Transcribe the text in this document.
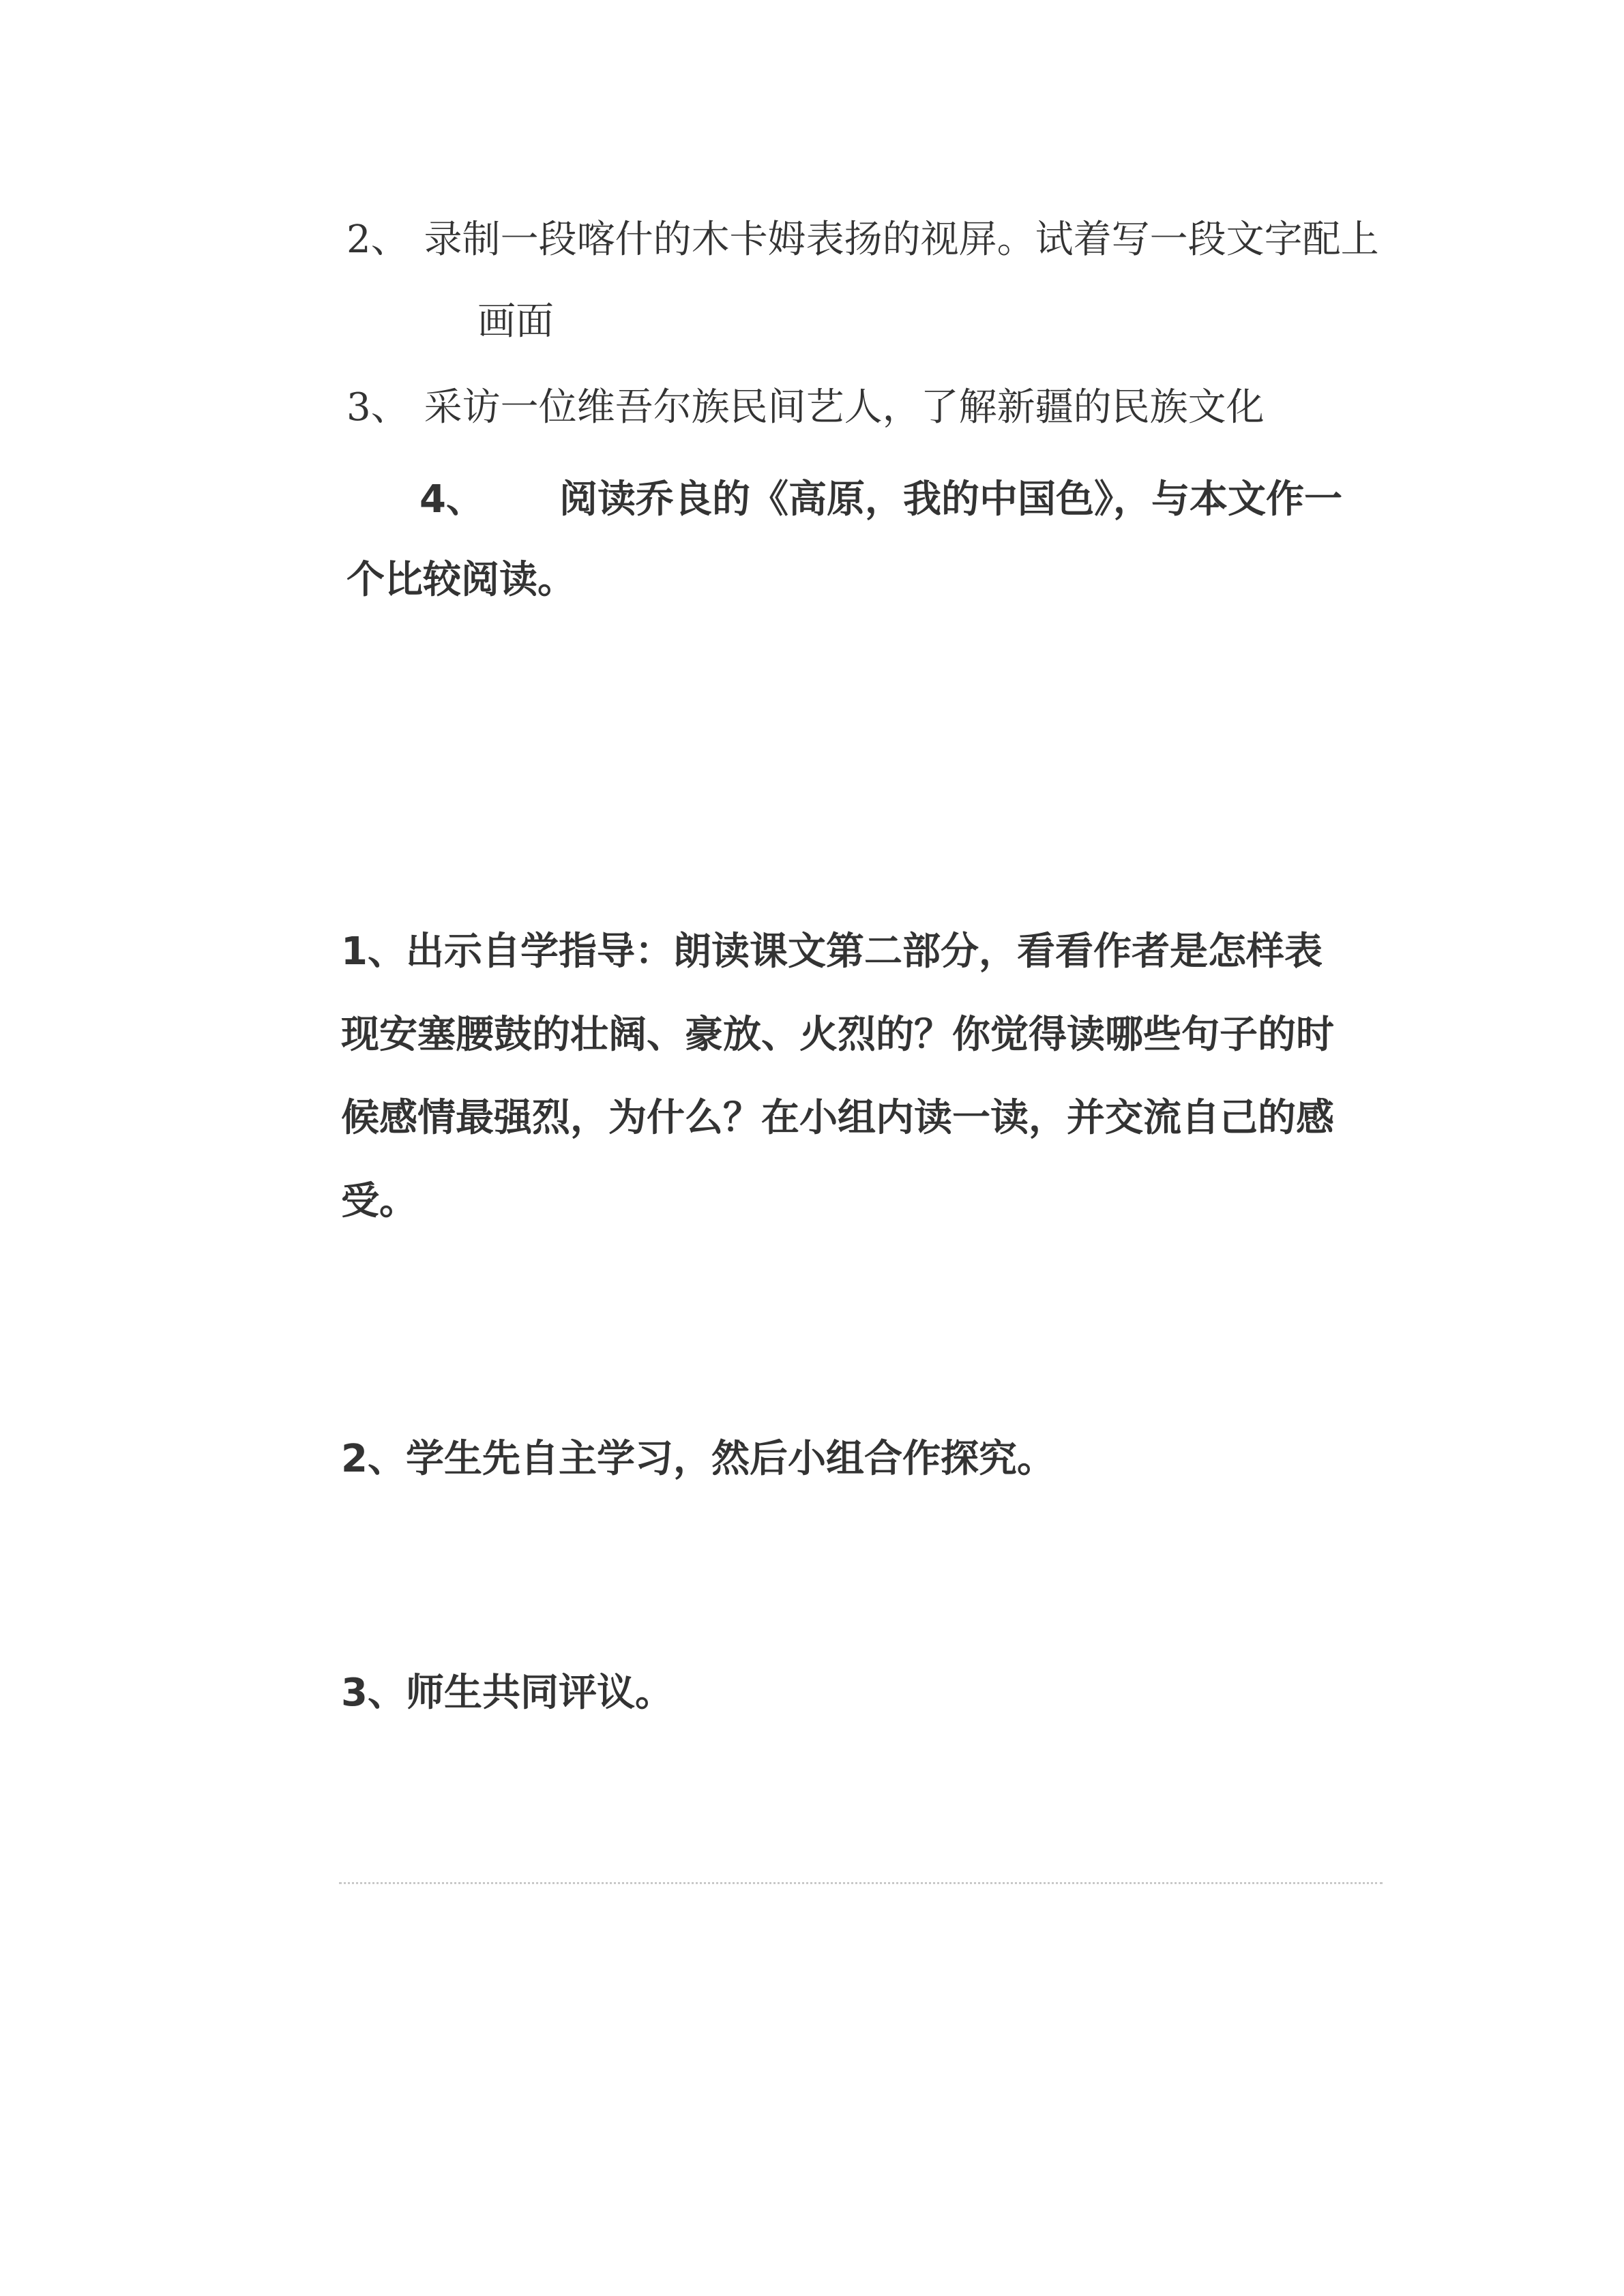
2、 录制一段喀什的木卡姆表扬的视屏。试着写一段文字配上
画面
3、 采访一位维吾尔族民间艺人，了解新疆的民族文化
4、 阅读乔良的《高原，我的中国色》，与本文作一
个比较阅读。
1、出示自学指导：朗读课文第二部分，看看作者是怎样表
现安塞腰鼓的壮阔、豪放、火烈的？你觉得读哪些句子的时
候感情最强烈，为什么？在小组内读一读，并交流自己的感
受。
2、学生先自主学习，然后小组合作探究。
3、师生共同评议。
